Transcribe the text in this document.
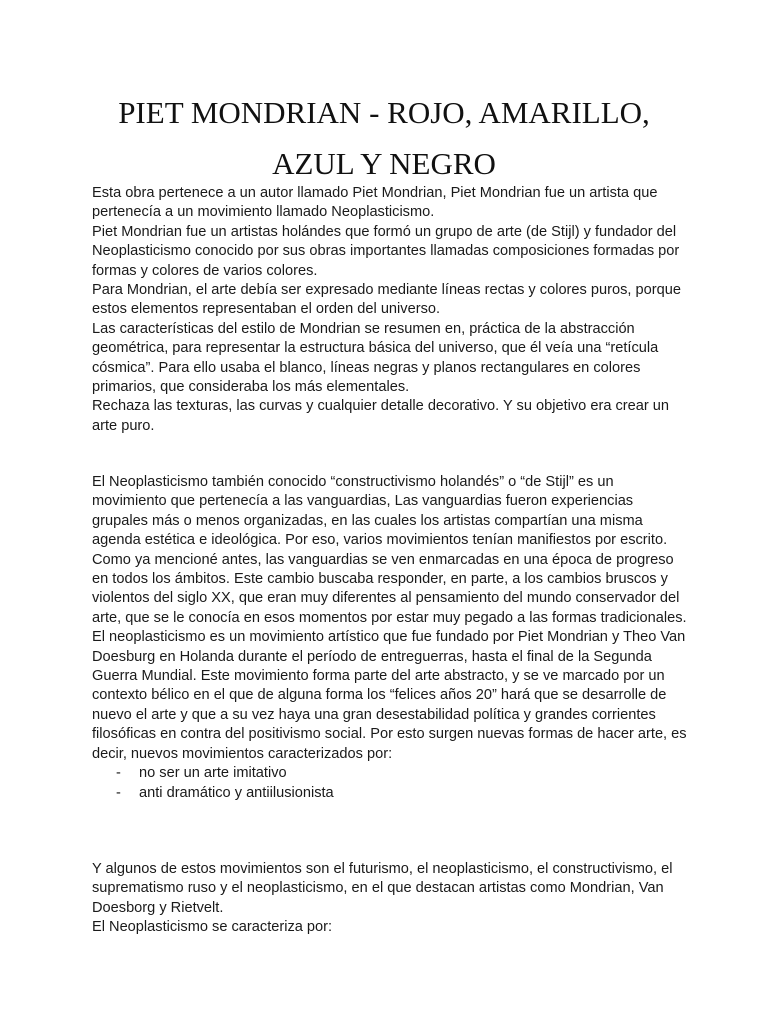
PIET MONDRIAN - ROJO, AMARILLO,
AZUL Y NEGRO

Esta obra pertenece a un autor llamado Piet Mondrian, Piet Mondrian fue un artista que pertenecía a un movimiento llamado Neoplasticismo.

Piet Mondrian fue un artistas holándes que formó un grupo de arte (de Stijl) y fundador del Neoplasticismo conocido por sus obras importantes llamadas composiciones formadas por formas y colores de varios colores.

Para Mondrian, el arte debía ser expresado mediante líneas rectas y colores puros, porque estos elementos representaban el orden del universo.

Las características del estilo de Mondrian se resumen en, práctica de la abstracción geométrica, para representar la estructura básica del universo, que él veía una “retícula cósmica”. Para ello usaba el blanco, líneas negras y planos rectangulares en colores primarios, que consideraba los más elementales.

Rechaza las texturas, las curvas y cualquier detalle decorativo. Y su objetivo era crear un arte puro.

El Neoplasticismo también conocido “constructivismo holandés” o “de Stijl” es un movimiento que pertenecía a las vanguardias, Las vanguardias fueron experiencias grupales más o menos organizadas, en las cuales los artistas compartían una misma agenda estética e ideológica. Por eso, varios movimientos tenían manifiestos por escrito. Como ya mencioné antes, las vanguardias se ven enmarcadas en una época de progreso en todos los ámbitos. Este cambio buscaba responder, en parte, a los cambios bruscos y violentos del siglo XX, que eran muy diferentes al pensamiento del mundo conservador del arte, que se le conocía en esos momentos por estar muy pegado a las formas tradicionales.

El neoplasticismo es un movimiento artístico que fue fundado por Piet Mondrian y Theo Van Doesburg en Holanda durante el período de entreguerras, hasta el final de la Segunda Guerra Mundial. Este movimiento forma parte del arte abstracto, y se ve marcado por un contexto bélico en el que de alguna forma los “felices años 20” hará que se desarrolle de nuevo el arte y que a su vez haya una gran desestabilidad política y grandes corrientes filosóficas en contra del positivismo social. Por esto surgen nuevas formas de hacer arte, es decir, nuevos movimientos caracterizados por:

- no ser un arte imitativo
- anti dramático y antiilusionista

Y algunos de estos movimientos son el futurismo, el neoplasticismo, el constructivismo, el suprematismo ruso y el neoplasticismo, en el que destacan artistas como Mondrian, Van Doesborg y Rietvelt.

El Neoplasticismo se caracteriza por:
